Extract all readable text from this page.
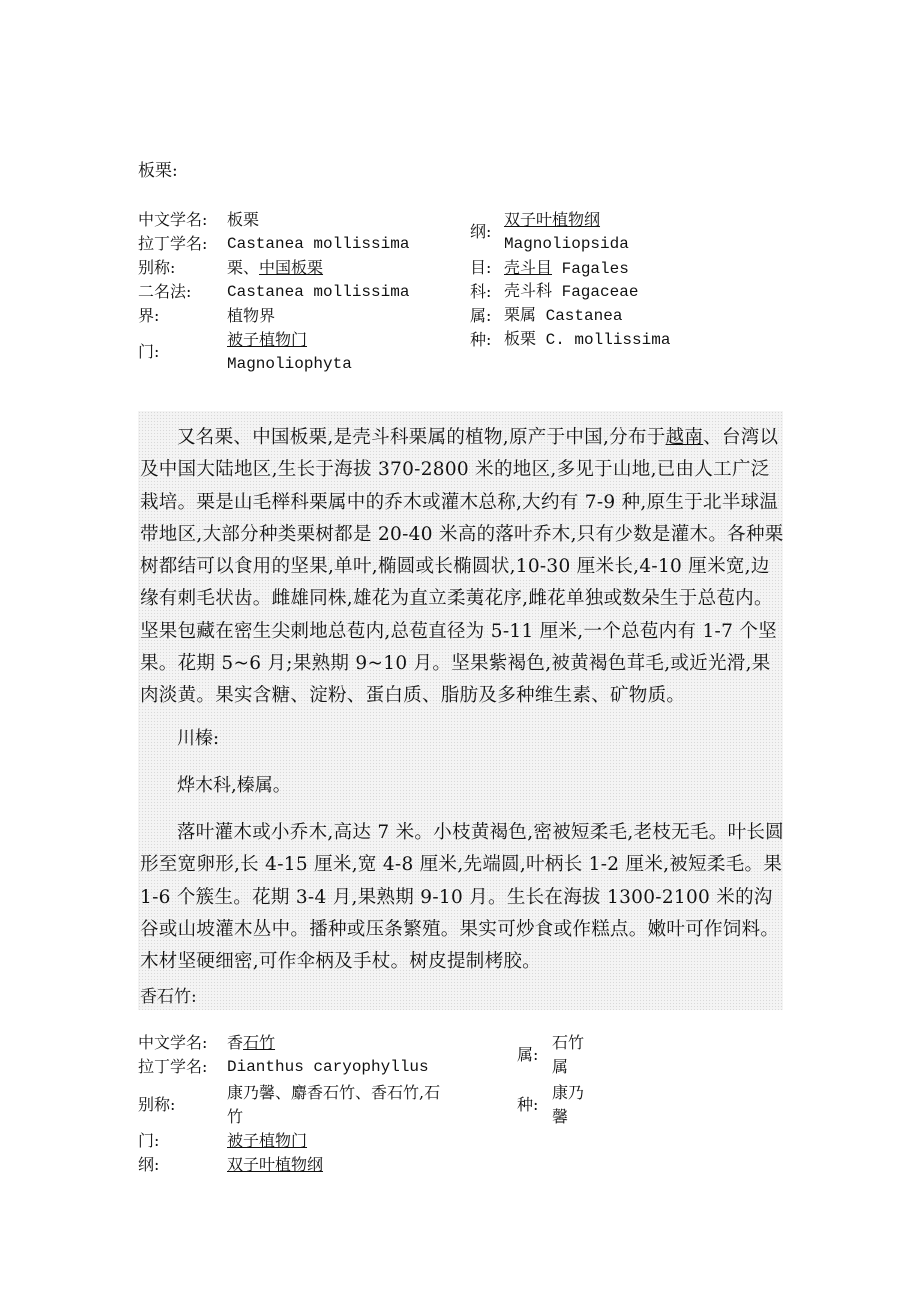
板栗:
中文学名: 板栗
拉丁学名: Castanea mollissima
别称:	栗、中国板栗
二名法: Castanea mollissima
界:	植物界
门:
被子植物门
Magnoliophyta
纲:
双子叶植物纲
Magnoliopsida
目: 壳斗目 Fagales
科: 壳斗科 Fagaceae
属: 栗属 Castanea
种: 板栗 C. mollissima

又名栗、中国板栗,是壳斗科栗属的植物,原产于中国,分布于越南、台湾以及中国大陆地区,生长于海拔 370-2800 米的地区,多见于山地,已由人工广泛栽培。栗是山毛榉科栗属中的乔木或灌木总称,大约有 7-9 种,原生于北半球温带地区,大部分种类栗树都是 20-40 米高的落叶乔木,只有少数是灌木。各种栗树都结可以食用的坚果,单叶,椭圆或长椭圆状,10-30 厘米长,4-10 厘米宽,边缘有刺毛状齿。雌雄同株,雄花为直立柔荑花序,雌花单独或数朵生于总苞内。坚果包藏在密生尖刺地总苞内,总苞直径为 5-11 厘米,一个总苞内有 1-7 个坚果。花期 5~6 月;果熟期 9~10 月。坚果紫褐色,被黄褐色茸毛,或近光滑,果肉淡黄。果实含糖、淀粉、蛋白质、脂肪及多种维生素、矿物质。

川榛:
烨木科,榛属。

落叶灌木或小乔木,高达 7 米。小枝黄褐色,密被短柔毛,老枝无毛。叶长圆形至宽卵形,长 4-15 厘米,宽 4-8 厘米,先端圆,叶柄长 1-2 厘米,被短柔毛。果 1-6 个簇生。花期 3-4 月,果熟期 9-10 月。生长在海拔 1300-2100 米的沟谷或山坡灌木丛中。播种或压条繁殖。果实可炒食或作糕点。嫩叶可作饲料。木材坚硬细密,可作伞柄及手杖。树皮提制栲胶。

香石竹:
中文学名: 香石竹
拉丁学名: Dianthus caryophyllus
别称:
康乃馨、麝香石竹、香石竹,石
竹
门:	被子植物门
纲:	双子叶植物纲
属:
石竹
属
种:
康乃
馨
